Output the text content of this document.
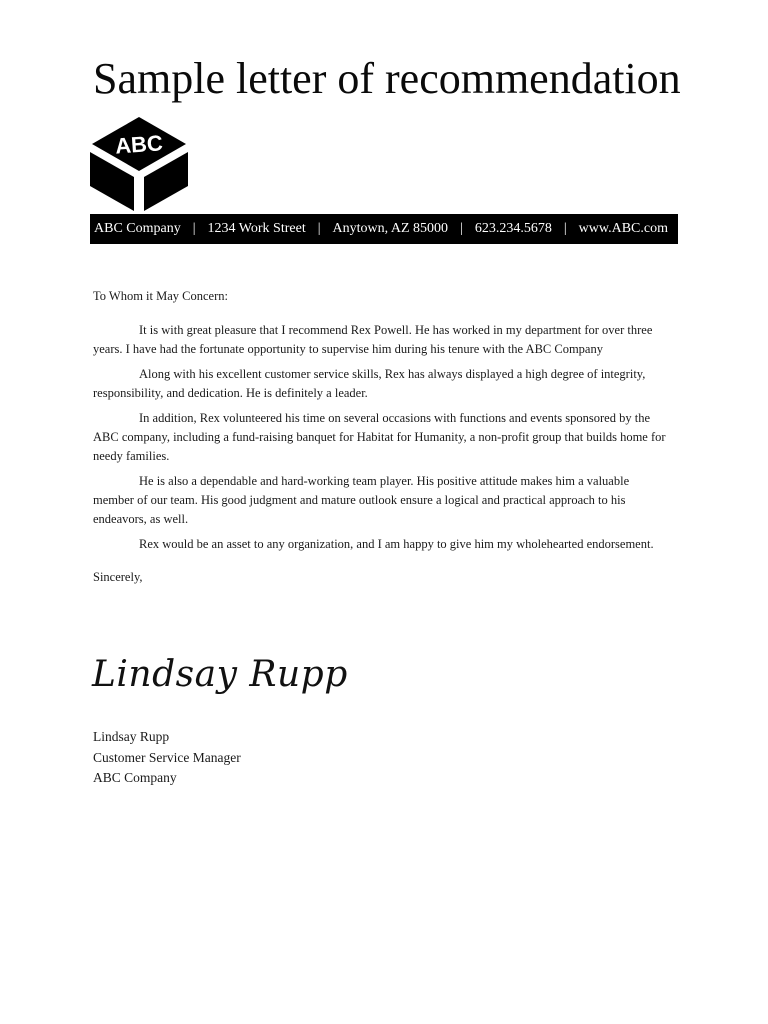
Sample letter of recommendation
ABC
ABC Company | 1234 Work Street | Anytown, AZ 85000 | 623.234.5678 | www.ABC.com

To Whom it May Concern:

It is with great pleasure that I recommend Rex Powell. He has worked in my department for over three years. I have had the fortunate opportunity to supervise him during his tenure with the ABC Company

Along with his excellent customer service skills, Rex has always displayed a high degree of integrity, responsibility, and dedication. He is definitely a leader.

In addition, Rex volunteered his time on several occasions with functions and events sponsored by the ABC company, including a fund-raising banquet for Habitat for Humanity, a non-profit group that builds home for needy families.

He is also a dependable and hard-working team player. His positive attitude makes him a valuable member of our team. His good judgment and mature outlook ensure a logical and practical approach to his endeavors, as well.

Rex would be an asset to any organization, and I am happy to give him my wholehearted endorsement.

Sincerely,

Lindsay Rupp
Lindsay Rupp
Customer Service Manager
ABC Company
